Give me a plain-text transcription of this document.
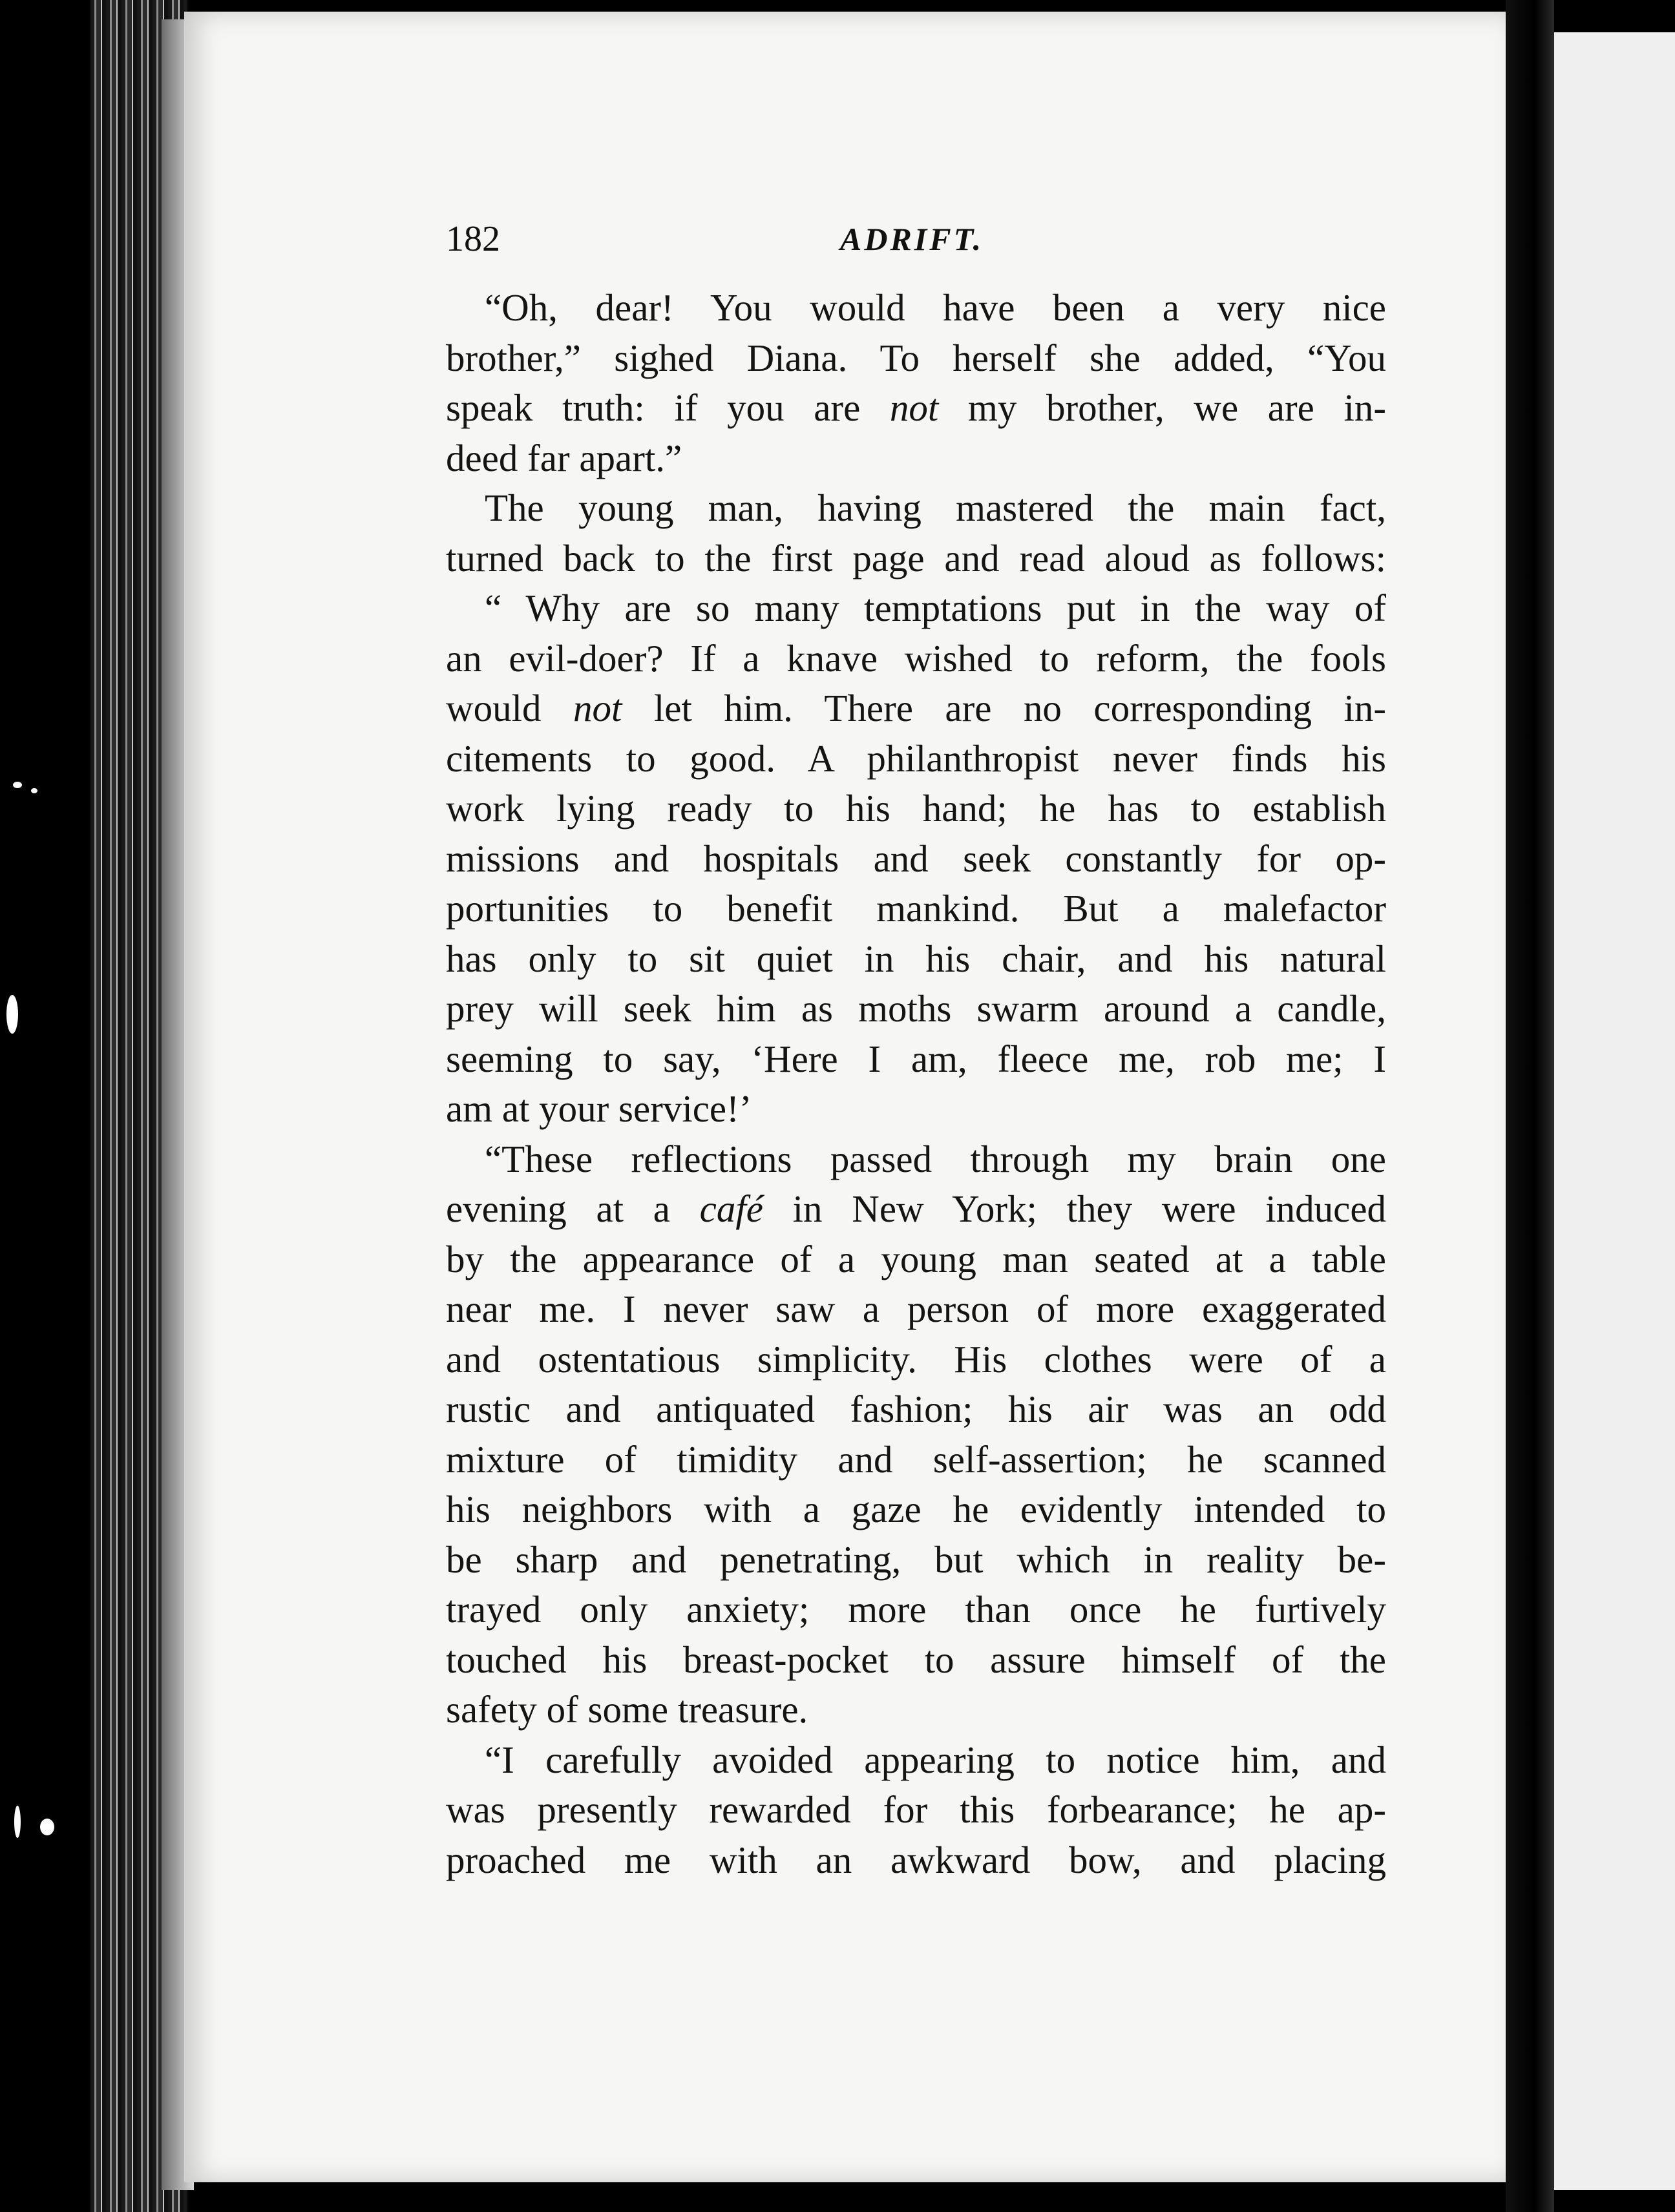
182	ADRIFT.
“Oh, dear! You would have been a very nice
brother,” sighed Diana. To herself she added, “You
speak truth: if you are not my brother, we are in-
deed far apart.”
The young man, having mastered the main fact,
turned back to the first page and read aloud as follows:
“ Why are so many temptations put in the way of
an evil-doer? If a knave wished to reform, the fools
would not let him. There are no corresponding in-
citements to good. A philanthropist never finds his
work lying ready to his hand; he has to establish
missions and hospitals and seek constantly for op-
portunities to benefit mankind. But a malefactor
has only to sit quiet in his chair, and his natural
prey will seek him as moths swarm around a candle,
seeming to say, ‘Here I am, fleece me, rob me; I
am at your service!’
“These reflections passed through my brain one
evening at a café in New York; they were induced
by the appearance of a young man seated at a table
near me. I never saw a person of more exaggerated
and ostentatious simplicity. His clothes were of a
rustic and antiquated fashion; his air was an odd
mixture of timidity and self-assertion; he scanned
his neighbors with a gaze he evidently intended to
be sharp and penetrating, but which in reality be-
trayed only anxiety; more than once he furtively
touched his breast-pocket to assure himself of the
safety of some treasure.
“I carefully avoided appearing to notice him, and
was presently rewarded for this forbearance; he ap-
proached me with an awkward bow, and placing
